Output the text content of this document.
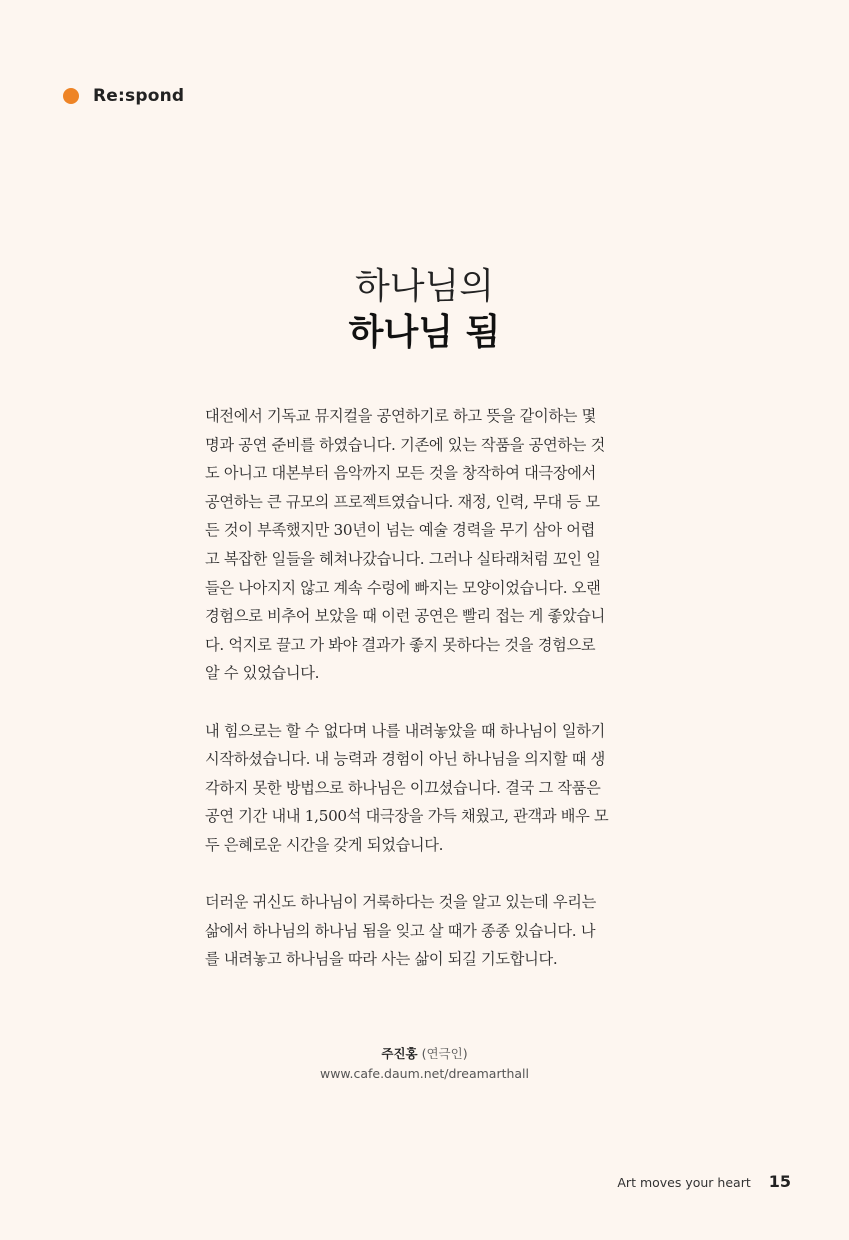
Re:spond
하나님의
하나님 됨

대전에서 기독교 뮤지컬을 공연하기로 하고 뜻을 같이하는 몇
명과 공연 준비를 하였습니다. 기존에 있는 작품을 공연하는 것
도 아니고 대본부터 음악까지 모든 것을 창작하여 대극장에서
공연하는 큰 규모의 프로젝트였습니다. 재정, 인력, 무대 등 모
든 것이 부족했지만 30년이 넘는 예술 경력을 무기 삼아 어렵
고 복잡한 일들을 헤쳐나갔습니다. 그러나 실타래처럼 꼬인 일
들은 나아지지 않고 계속 수렁에 빠지는 모양이었습니다. 오랜
경험으로 비추어 보았을 때 이런 공연은 빨리 접는 게 좋았습니
다. 억지로 끌고 가 봐야 결과가 좋지 못하다는 것을 경험으로
알 수 있었습니다.

내 힘으로는 할 수 없다며 나를 내려놓았을 때 하나님이 일하기
시작하셨습니다. 내 능력과 경험이 아닌 하나님을 의지할 때 생
각하지 못한 방법으로 하나님은 이끄셨습니다. 결국 그 작품은
공연 기간 내내 1,500석 대극장을 가득 채웠고, 관객과 배우 모
두 은혜로운 시간을 갖게 되었습니다.

더러운 귀신도 하나님이 거룩하다는 것을 알고 있는데 우리는
삶에서 하나님의 하나님 됨을 잊고 살 때가 종종 있습니다. 나
를 내려놓고 하나님을 따라 사는 삶이 되길 기도합니다.

주진홍 (연극인)
www.cafe.daum.net/dreamarthall
Art moves your heart 15
